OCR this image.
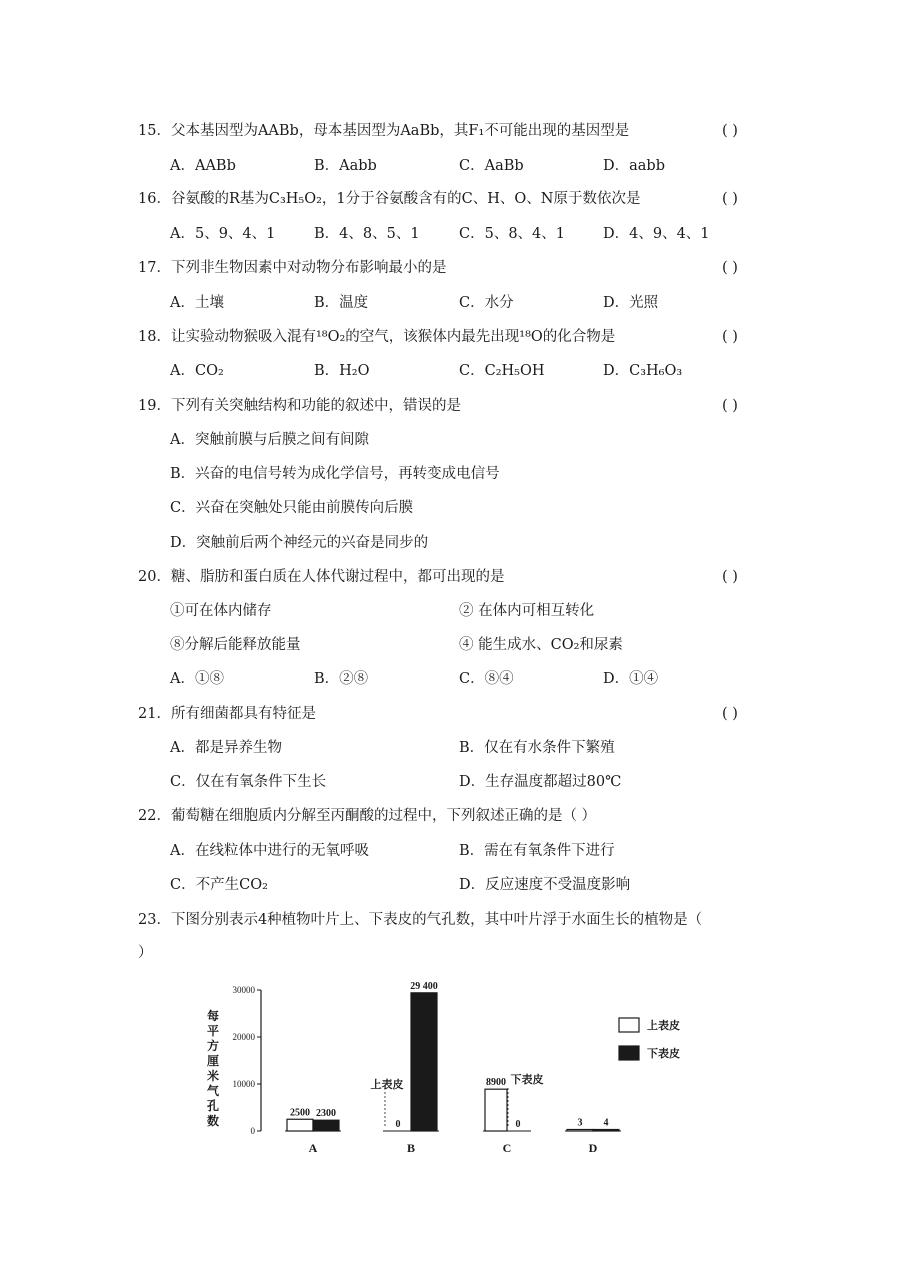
15．父本基因型为AABb，母本基因型为AaBb，其F₁不可能出现的基因型是	( )
A．AABb	B．Aabb	C．AaBb	D．aabb
16．谷氨酸的R基为C₃H₅O₂，1分于谷氨酸含有的C、H、O、N原于数依次是	( )
A．5、9、4、1	B．4、8、5、1	C．5、8、4、1	D．4、9、4、1
17．下列非生物因素中对动物分布影响最小的是	( )
A．土壤	B．温度	C．水分	D．光照
18．让实验动物猴吸入混有¹⁸O₂的空气，该猴体内最先出现¹⁸O的化合物是	( )
A．CO₂	B．H₂O	C．C₂H₅OH	D．C₃H₆O₃
19．下列有关突触结构和功能的叙述中，错误的是	( )
A．突触前膜与后膜之间有间隙
B．兴奋的电信号转为成化学信号，再转变成电信号
C．兴奋在突触处只能由前膜传向后膜
D．突触前后两个神经元的兴奋是同步的
20．糖、脂肪和蛋白质在人体代谢过程中，都可出现的是	( )
①可在体内储存	② 在体内可相互转化
⑧分解后能释放能量	④ 能生成水、CO₂和尿素
A．①⑧	B．②⑧	C．⑧④	D．①④
21．所有细菌都具有特征是	( )
A．都是异养生物	B．仅在有水条件下繁殖
C．仅在有氧条件下生长	D．生存温度都超过80℃
22．葡萄糖在细胞质内分解至丙酮酸的过程中，下列叙述正确的是（ ）
A．在线粒体中进行的无氧呼吸	B．需在有氧条件下进行
C．不产生CO₂	D．反应速度不受温度影响
23．下图分别表示4种植物叶片上、下表皮的气孔数，其中叶片浮于水面生长的植物是（
）
每
平
方
厘
米
气
孔
数
30000
20000
10000
0
2500 2300
A
0
29 400
B
8900
0
C
3 4
D
上表皮	下表皮
上表皮
下表皮
